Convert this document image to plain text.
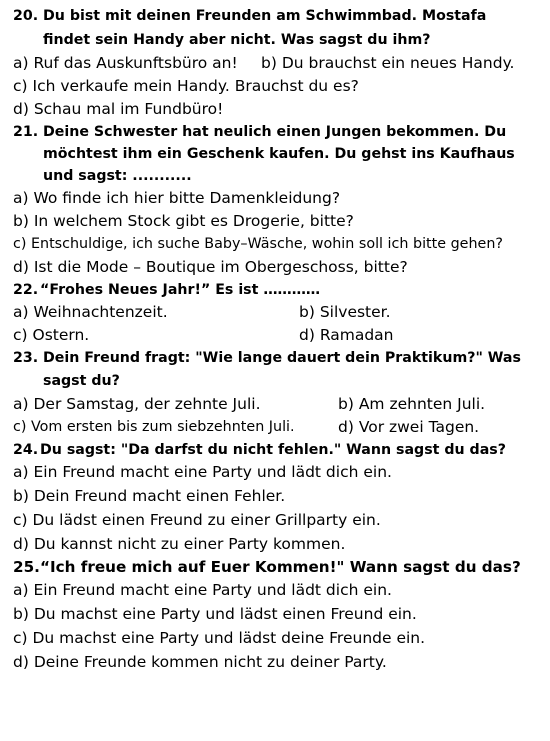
20. Du bist mit deinen Freunden am Schwimmbad. Mostafa
findet sein Handy aber nicht. Was sagst du ihm?
a) Ruf das Auskunftsbüro an! b) Du brauchst ein neues Handy.
c) Ich verkaufe mein Handy. Brauchst du es?
d) Schau mal im Fundbüro!
21. Deine Schwester hat neulich einen Jungen bekommen. Du
möchtest ihm ein Geschenk kaufen. Du gehst ins Kaufhaus
und sagst: ...........
a) Wo finde ich hier bitte Damenkleidung?
b) In welchem Stock gibt es Drogerie, bitte?
c) Entschuldige, ich suche Baby–Wäsche, wohin soll ich bitte gehen?
d) Ist die Mode – Boutique im Obergeschoss, bitte?
22. “Frohes Neues Jahr!” Es ist …………
a) Weihnachtenzeit.	b) Silvester.
c) Ostern.	d) Ramadan
23. Dein Freund fragt: "Wie lange dauert dein Praktikum?" Was
sagst du?
a) Der Samstag, der zehnte Juli.	b) Am zehnten Juli.
c) Vom ersten bis zum siebzehnten Juli.	d) Vor zwei Tagen.
24. Du sagst: "Da darfst du nicht fehlen." Wann sagst du das?
a) Ein Freund macht eine Party und lädt dich ein.
b) Dein Freund macht einen Fehler.
c) Du lädst einen Freund zu einer Grillparty ein.
d) Du kannst nicht zu einer Party kommen.
25. “Ich freue mich auf Euer Kommen!" Wann sagst du das?
a) Ein Freund macht eine Party und lädt dich ein.
b) Du machst eine Party und lädst einen Freund ein.
c) Du machst eine Party und lädst deine Freunde ein.
d) Deine Freunde kommen nicht zu deiner Party.
